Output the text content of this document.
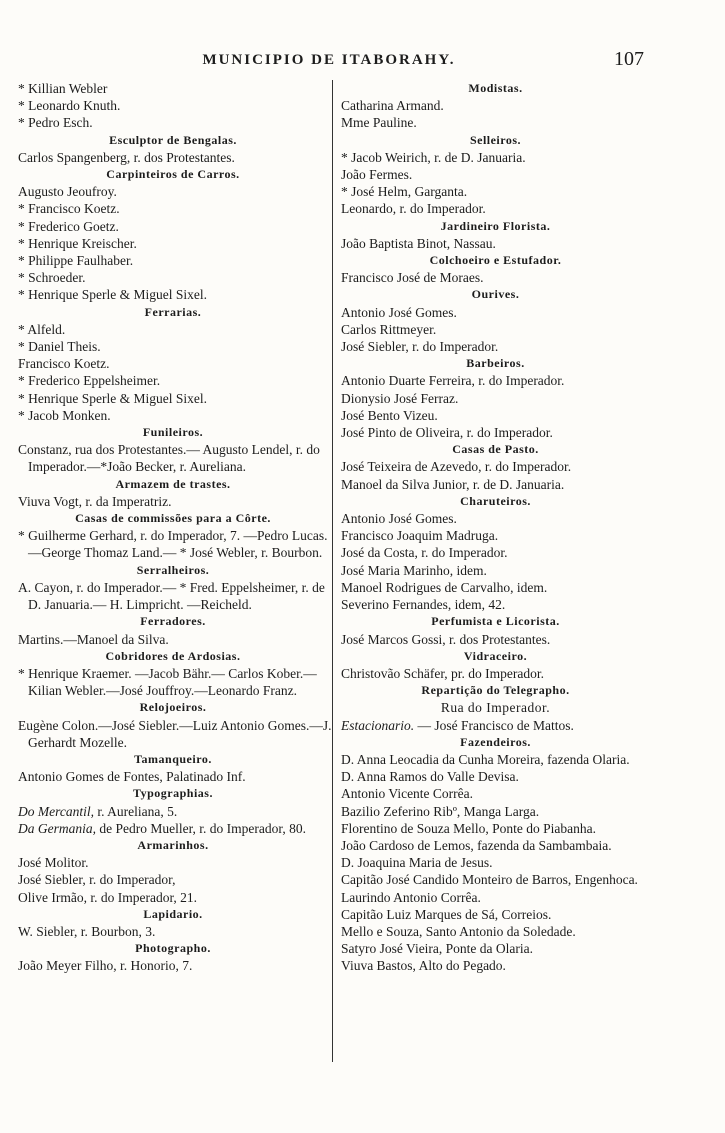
MUNICIPIO DE ITABORAHY.	107
* Killian Webler
* Leonardo Knuth.
* Pedro Esch.
Esculptor de Bengalas.
Carlos Spangenberg, r. dos Protestantes.
Carpinteiros de Carros.
Augusto Jeoufroy.
* Francisco Koetz.
* Frederico Goetz.
* Henrique Kreischer.
* Philippe Faulhaber.
* Schroeder.
* Henrique Sperle & Miguel Sixel.
Ferrarias.
* Alfeld.
* Daniel Theis.
Francisco Koetz.
* Frederico Eppelsheimer.
* Henrique Sperle & Miguel Sixel.
* Jacob Monken.
Funileiros.
Constanz, rua dos Protestantes.— Augusto Lendel, r. do Imperador.—*João Becker, r. Aureliana.
Armazem de trastes.
Viuva Vogt, r. da Imperatriz.
Casas de commissões para a Côrte.
* Guilherme Gerhard, r. do Imperador, 7. —Pedro Lucas.—George Thomaz Land.— * José Webler, r. Bourbon.
Serralheiros.
A. Cayon, r. do Imperador.— * Fred. Eppelsheimer, r. de D. Januaria.— H. Limpricht. —Reicheld.
Ferradores.
Martins.—Manoel da Silva.
Cobridores de Ardosias.
* Henrique Kraemer. —Jacob Bähr.— Carlos Kober.—Kilian Webler.—José Jouffroy.—Leonardo Franz.
Relojoeiros.
Eugène Colon.—José Siebler.—Luiz Antonio Gomes.—J. Gerhardt Mozelle.
Tamanqueiro.
Antonio Gomes de Fontes, Palatinado Inf.
Typographias.
Do Mercantil, r. Aureliana, 5.
Da Germania, de Pedro Mueller, r. do Imperador, 80.
Armarinhos.
José Molitor.
José Siebler, r. do Imperador,
Olive Irmão, r. do Imperador, 21.
Lapidario.
W. Siebler, r. Bourbon, 3.
Photographo.
João Meyer Filho, r. Honorio, 7.
Modistas.
Catharina Armand.
Mme Pauline.
Selleiros.
* Jacob Weirich, r. de D. Januaria.
João Fermes.
* José Helm, Garganta.
Leonardo, r. do Imperador.
Jardineiro Florista.
João Baptista Binot, Nassau.
Colchoeiro e Estufador.
Francisco José de Moraes.
Ourives.
Antonio José Gomes.
Carlos Rittmeyer.
José Siebler, r. do Imperador.
Barbeiros.
Antonio Duarte Ferreira, r. do Imperador.
Dionysio José Ferraz.
José Bento Vizeu.
José Pinto de Oliveira, r. do Imperador.
Casas de Pasto.
José Teixeira de Azevedo, r. do Imperador.
Manoel da Silva Junior, r. de D. Januaria.
Charuteiros.
Antonio José Gomes.
Francisco Joaquim Madruga.
José da Costa, r. do Imperador.
José Maria Marinho, idem.
Manoel Rodrigues de Carvalho, idem.
Severino Fernandes, idem, 42.
Perfumista e Licorista.
José Marcos Gossi, r. dos Protestantes.
Vidraceiro.
Christovão Schäfer, pr. do Imperador.
Repartição do Telegrapho.
Rua do Imperador.
Estacionario. — José Francisco de Mattos.
Fazendeiros.
D. Anna Leocadia da Cunha Moreira, fazenda Olaria.
D. Anna Ramos do Valle Devisa.
Antonio Vicente Corrêa.
Bazilio Zeferino Ribº, Manga Larga.
Florentino de Souza Mello, Ponte do Piabanha.
João Cardoso de Lemos, fazenda da Sambambaia.
D. Joaquina Maria de Jesus.
Capitão José Candido Monteiro de Barros, Engenhoca.
Laurindo Antonio Corrêa.
Capitão Luiz Marques de Sá, Correios.
Mello e Souza, Santo Antonio da Soledade.
Satyro José Vieira, Ponte da Olaria.
Viuva Bastos, Alto do Pegado.
